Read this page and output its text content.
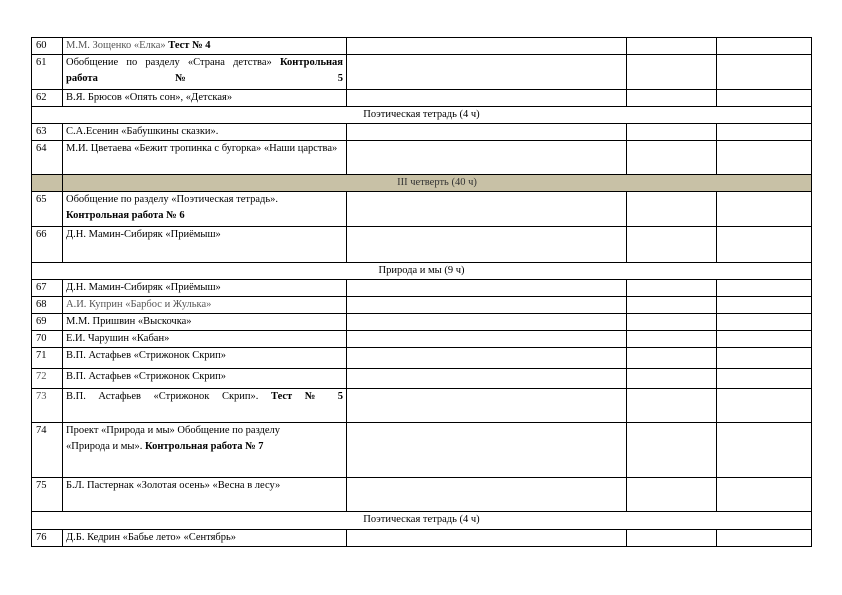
60	М.М. Зощенко «Елка» Тест № 4			
61	Обобщение по разделу «Страна детства» Контрольная работа № 5			
62	В.Я. Брюсов «Опять сон», «Детская»			
Поэтическая тетрадь (4 ч)				
63	С.А.Есенин «Бабушкины сказки».			
64	М.И. Цветаева «Бежит тропинка с бугорка» «Наши царства»			
	III четверть (40 ч)			
65	Обобщение по разделу «Поэтическая тетрадь». Контрольная работа № 6			
66	Д.Н. Мамин-Сибиряк «Приёмыш»			
Природа и мы (9 ч)				
67	Д.Н. Мамин-Сибиряк «Приёмыш»			
68	А.И. Куприн «Барбос и Жулька»			
69	М.М. Пришвин «Выскочка»			
70	Е.И. Чарушин «Кабан»			
71	В.П. Астафьев «Стрижонок Скрип»			
72	В.П. Астафьев «Стрижонок Скрип»			
73	В.П. Астафьев «Стрижонок Скрип». Тест № 5			
74	Проект «Природа и мы» Обобщение по разделу «Природа и мы». Контрольная работа № 7			
75	Б.Л. Пастернак «Золотая осень» «Весна в лесу»			
Поэтическая тетрадь (4 ч)				
76	Д.Б. Кедрин «Бабье лето» «Сентябрь»			
